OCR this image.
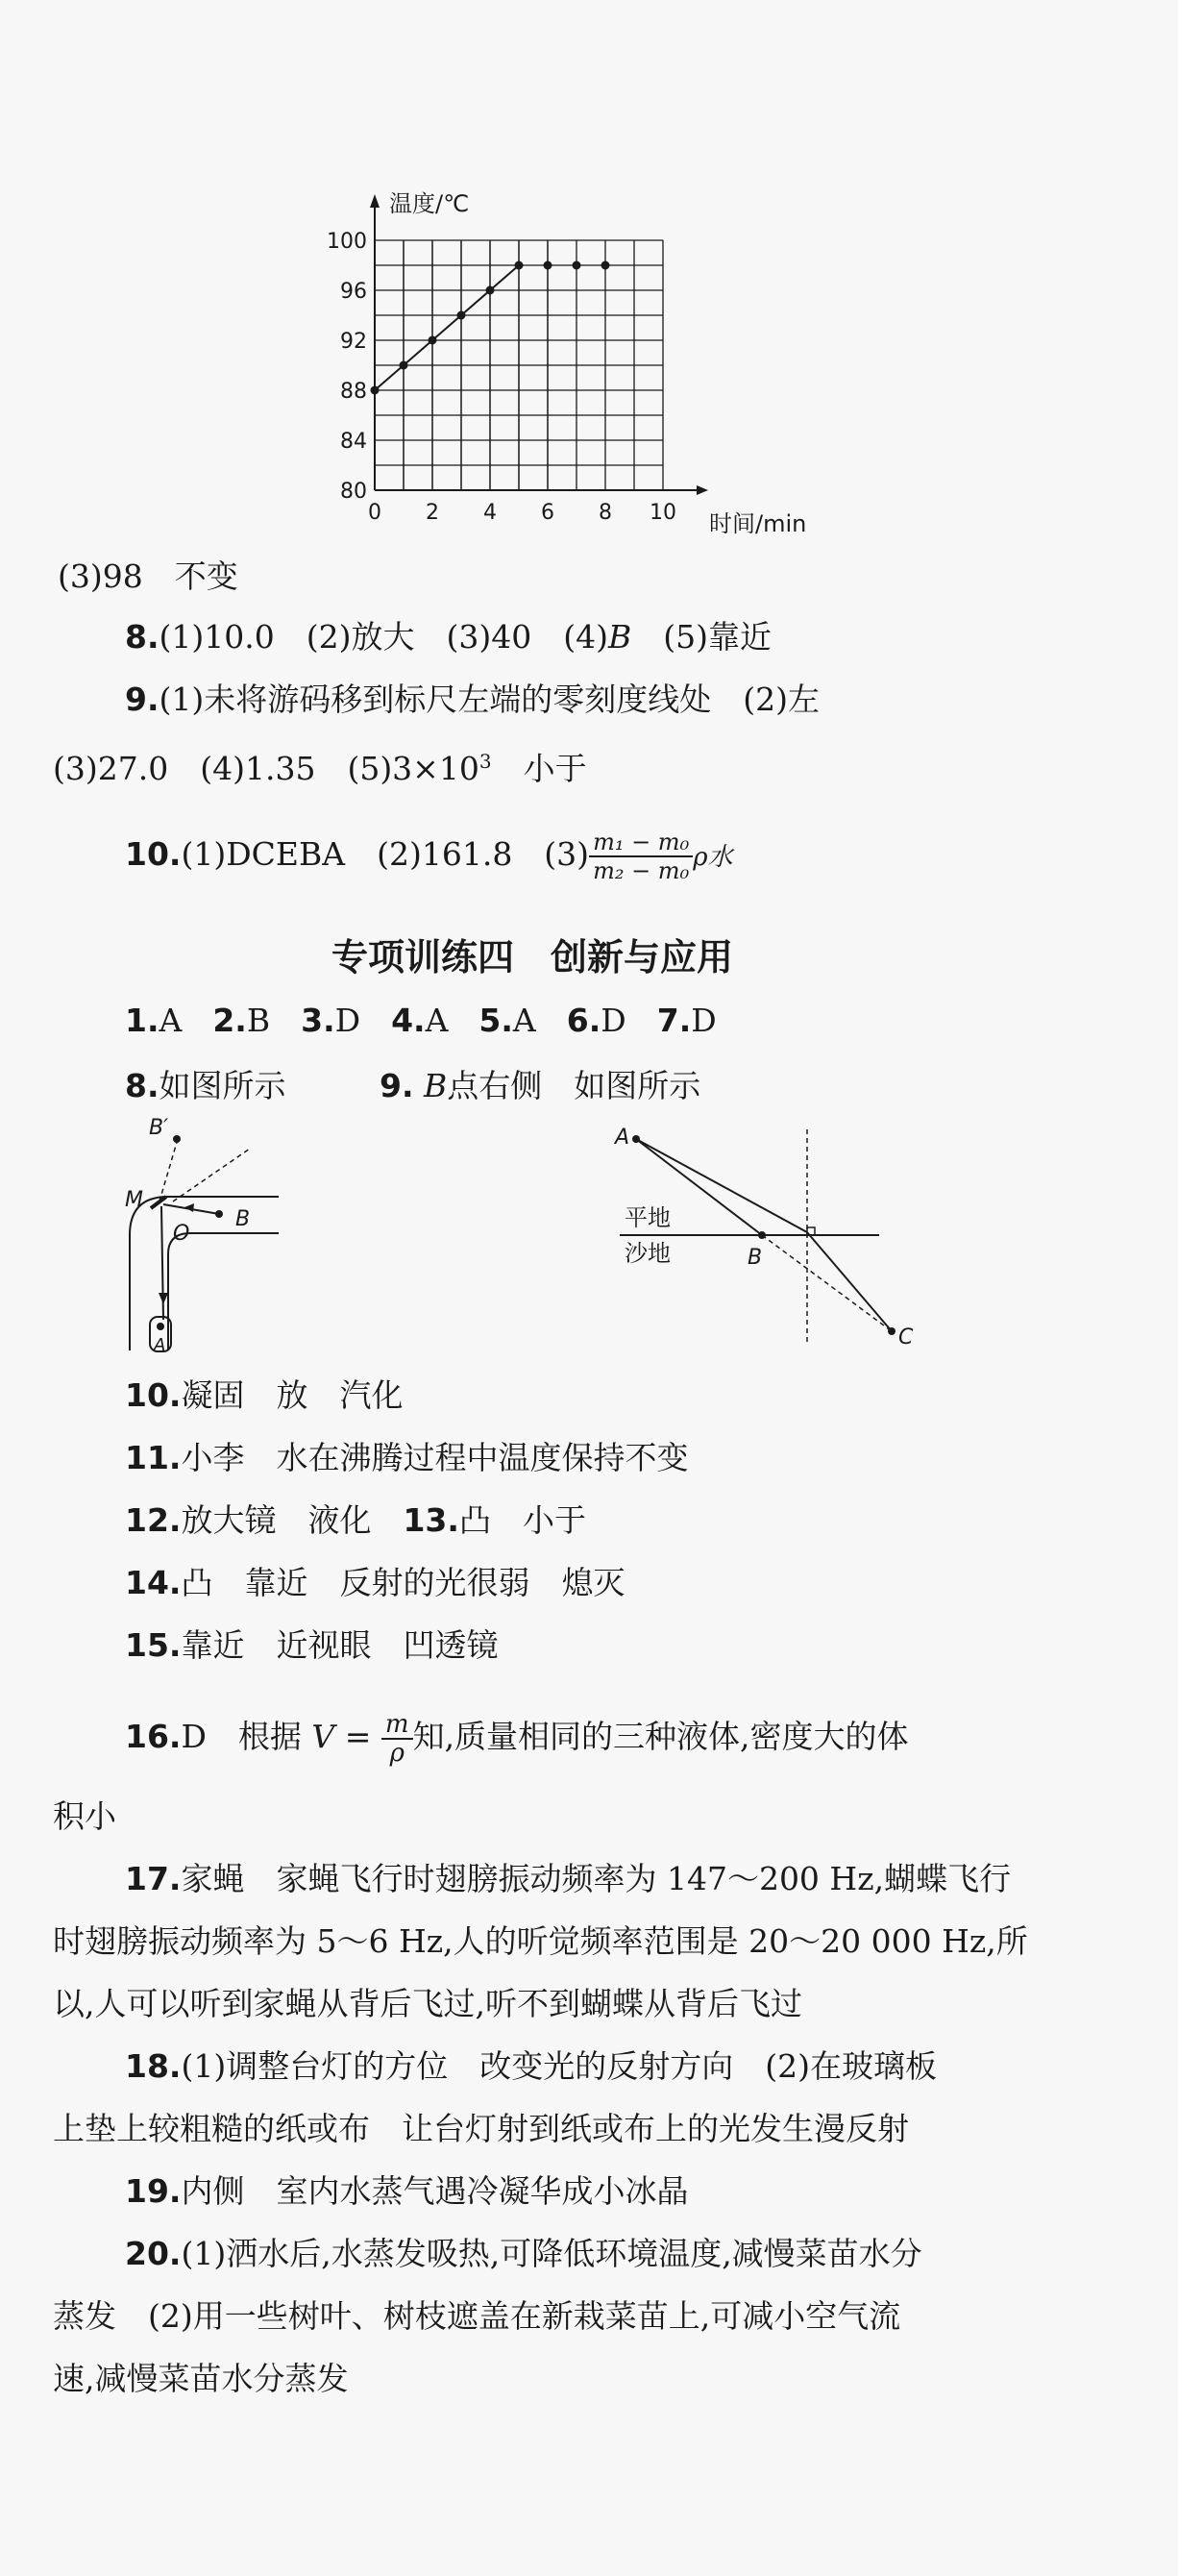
80
84
88
92
96
100
0 2 4 6 8 10
温度/℃
时间/min
(3)98　不变
8.(1)10.0　(2)放大　(3)40　(4)B　(5)靠近
9.(1)未将游码移到标尺左端的零刻度线处　(2)左
(3)27.0　(4)1.35　$(5)3\times 10^3$　小于
10.(1)DCEBA　(2)161.8　$(3) \frac{\text{m₁ − m₀}}{\text{m₂ − m₀}}$ ρ水
专项训练四　创新与应用
1.A 2.B 3.D 4.A 5.A 6.D 7.D
8.如图所示	9. B点右侧　如图所示
B′
M
O
B
A
A
平地
沙地	B
C
10.凝固　放　汽化
11.小李　水在沸腾过程中温度保持不变
12.放大镜　液化　13.凸　小于
14.凸　靠近　反射的光很弱　熄灭
15.靠近　近视眼　凹透镜
16.D　根据 $V = \frac{m}{\rho}$ 知,质量相同的三种液体,密度大的体
积小
17.家蝇　家蝇飞行时翅膀振动频率为 147～200 Hz,蝴蝶飞行
时翅膀振动频率为 5～6 Hz,人的听觉频率范围是 20～20 000 Hz,所
以,人可以听到家蝇从背后飞过,听不到蝴蝶从背后飞过
18.(1)调整台灯的方位　改变光的反射方向　(2)在玻璃板
上垫上较粗糙的纸或布　让台灯射到纸或布上的光发生漫反射
19.内侧　室内水蒸气遇冷凝华成小冰晶
20.(1)洒水后,水蒸发吸热,可降低环境温度,减慢菜苗水分
蒸发　(2)用一些树叶、树枝遮盖在新栽菜苗上,可减小空气流
速,减慢菜苗水分蒸发
